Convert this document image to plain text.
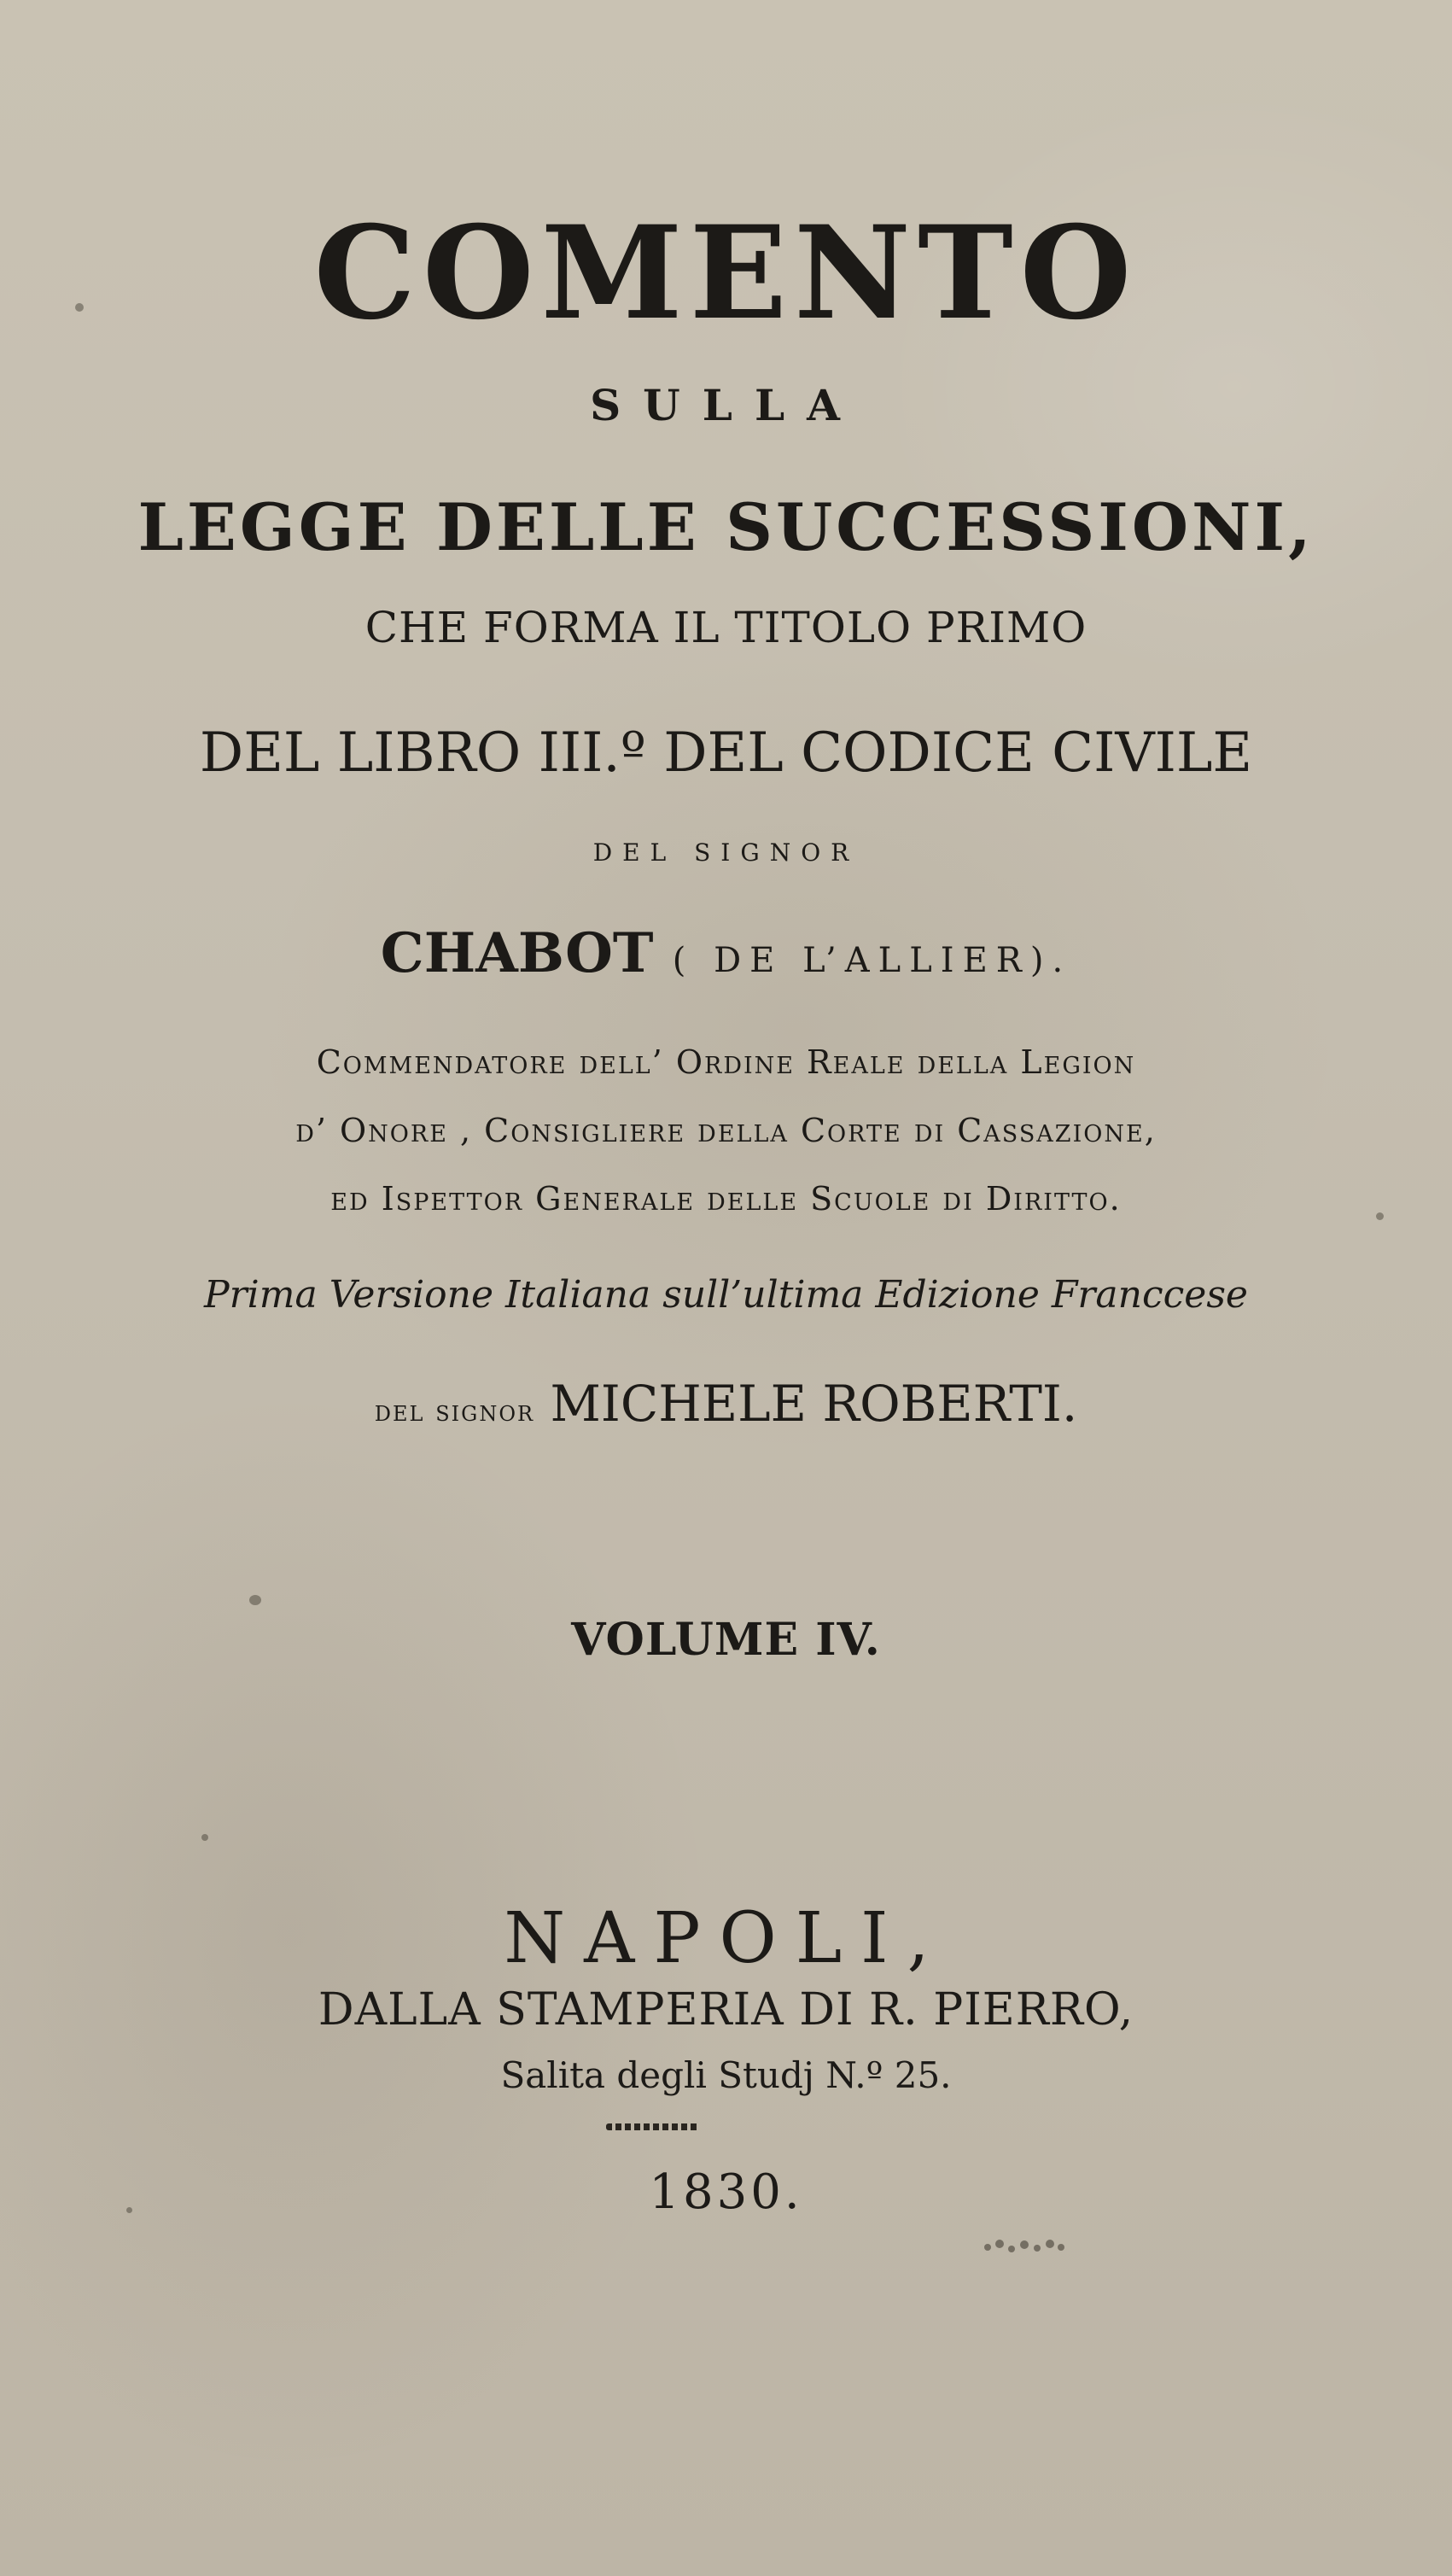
COMENTO
SULLA
LEGGE DELLE SUCCESSIONI,
CHE FORMA IL TITOLO PRIMO
DEL LIBRO III.º DEL CODICE CIVILE
DEL SIGNOR
CHABOT ( DE L’ALLIER).
Commendatore dell’ Ordine Reale della Legion
d’ Onore , Consigliere della Corte di Cassazione,
ed Ispettor Generale delle Scuole di Diritto.
Prima Versione Italiana sull’ultima Edizione Franccese
del signor MICHELE ROBERTI.
VOLUME IV.
NAPOLI,
DALLA STAMPERIA DI R. PIERRO,
Salita degli Studj N.º 25.
1830.
